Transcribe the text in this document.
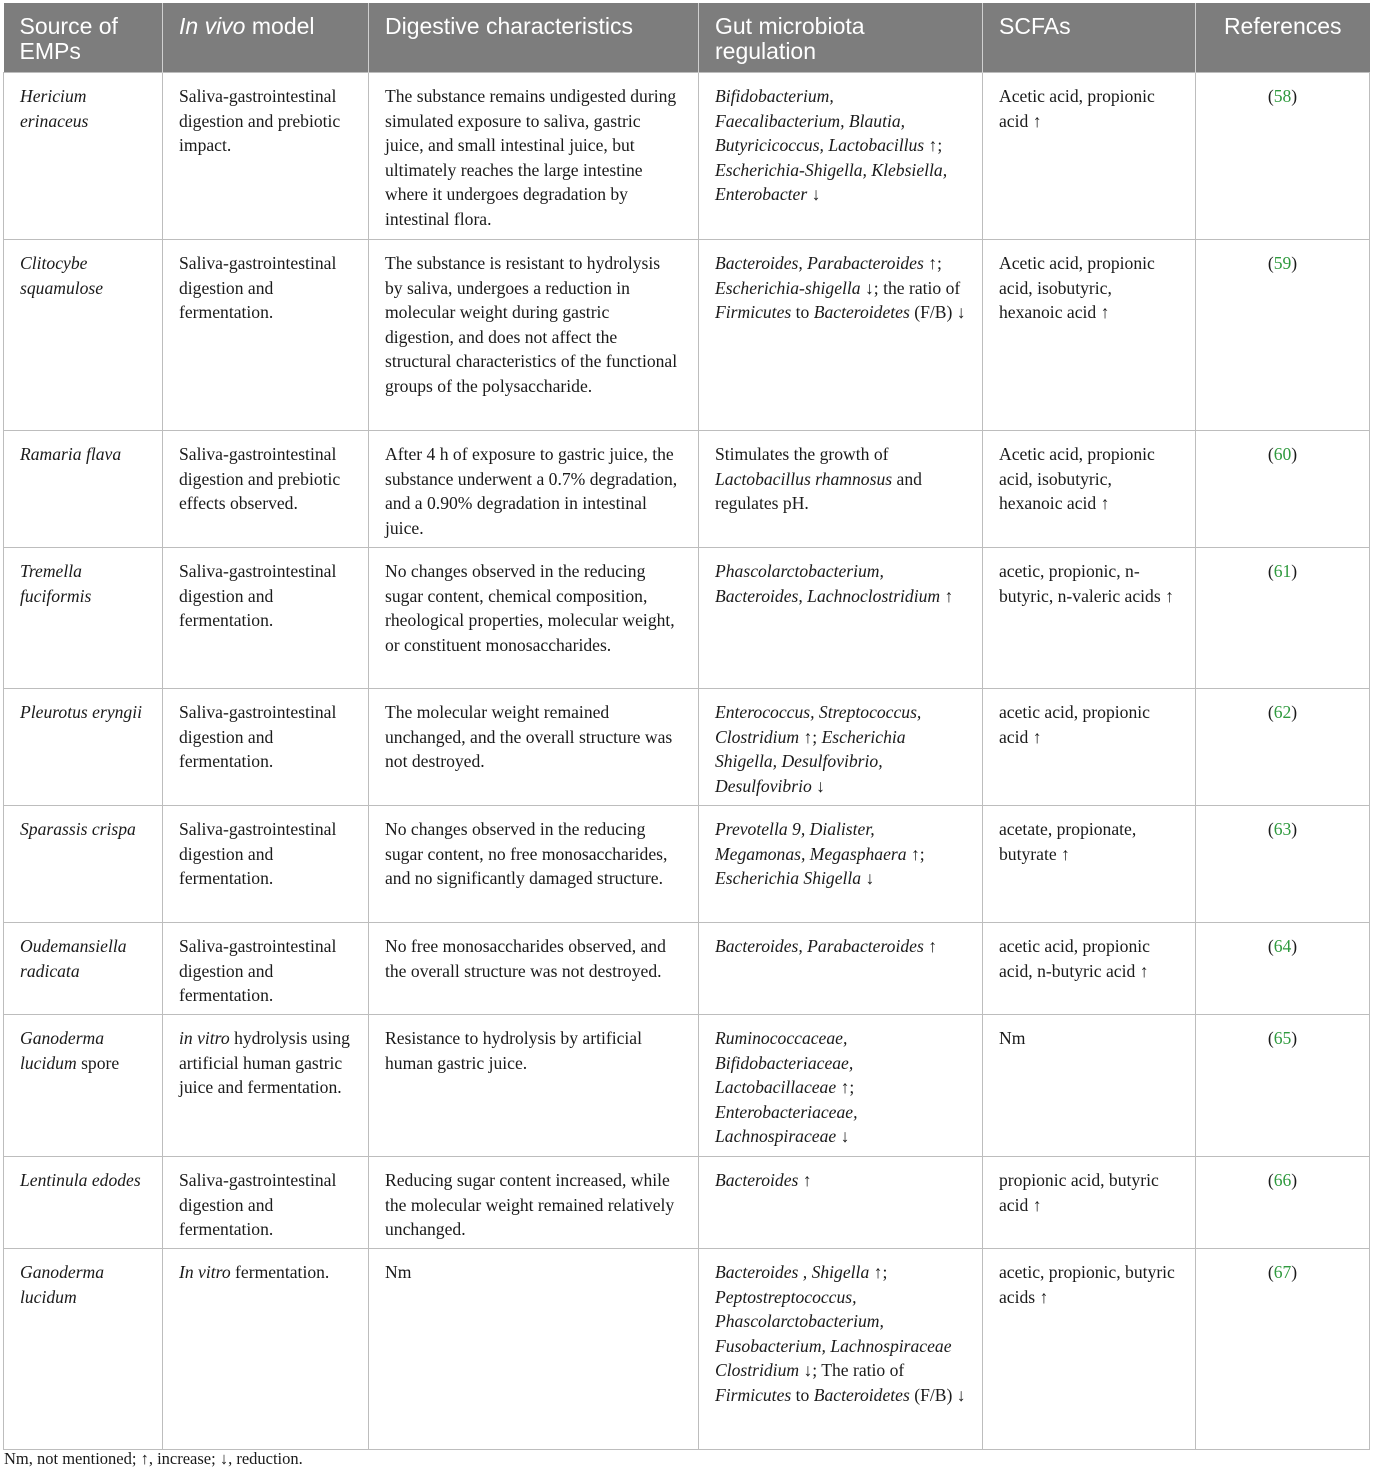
Source of EMPs	In vivo model	Digestive characteristics	Gut microbiota regulation	SCFAs	References
Hericium erinaceus	Saliva-gastrointestinal digestion and prebiotic impact.	The substance remains undigested during simulated exposure to saliva, gastric juice, and small intestinal juice, but ultimately reaches the large intestine where it undergoes degradation by intestinal flora.	Bifidobacterium, Faecalibacterium, Blautia, Butyricicoccus, Lactobacillus ↑; Escherichia-Shigella, Klebsiella, Enterobacter ↓	Acetic acid, propionic acid ↑	(58)
Clitocybe squamulose	Saliva-gastrointestinal digestion and fermentation.	The substance is resistant to hydrolysis by saliva, undergoes a reduction in molecular weight during gastric digestion, and does not affect the structural characteristics of the functional groups of the polysaccharide.	Bacteroides, Parabacteroides ↑; Escherichia-shigella ↓; the ratio of Firmicutes to Bacteroidetes (F/B) ↓	Acetic acid, propionic acid, isobutyric, hexanoic acid ↑	(59)
Ramaria flava	Saliva-gastrointestinal digestion and prebiotic effects observed.	After 4 h of exposure to gastric juice, the substance underwent a 0.7% degradation, and a 0.90% degradation in intestinal juice.	Stimulates the growth of Lactobacillus rhamnosus and regulates pH.	Acetic acid, propionic acid, isobutyric, hexanoic acid ↑	(60)
Tremella fuciformis	Saliva-gastrointestinal digestion and fermentation.	No changes observed in the reducing sugar content, chemical composition, rheological properties, molecular weight, or constituent monosaccharides.	Phascolarctobacterium, Bacteroides, Lachnoclostridium ↑	acetic, propionic, n-butyric, n-valeric acids ↑	(61)
Pleurotus eryngii	Saliva-gastrointestinal digestion and fermentation.	The molecular weight remained unchanged, and the overall structure was not destroyed.	Enterococcus, Streptococcus, Clostridium ↑; Escherichia Shigella, Desulfovibrio, Desulfovibrio ↓	acetic acid, propionic acid ↑	(62)
Sparassis crispa	Saliva-gastrointestinal digestion and fermentation.	No changes observed in the reducing sugar content, no free monosaccharides, and no significantly damaged structure.	Prevotella 9, Dialister, Megamonas, Megasphaera ↑; Escherichia Shigella ↓	acetate, propionate, butyrate ↑	(63)
Oudemansiella radicata	Saliva-gastrointestinal digestion and fermentation.	No free monosaccharides observed, and the overall structure was not destroyed.	Bacteroides, Parabacteroides ↑	acetic acid, propionic acid, n-butyric acid ↑	(64)
Ganoderma lucidum spore	in vitro hydrolysis using artificial human gastric juice and fermentation.	Resistance to hydrolysis by artificial human gastric juice.	Ruminococcaceae, Bifidobacteriaceae, Lactobacillaceae ↑; Enterobacteriaceae, Lachnospiraceae ↓	Nm	(65)
Lentinula edodes	Saliva-gastrointestinal digestion and fermentation.	Reducing sugar content increased, while the molecular weight remained relatively unchanged.	Bacteroides ↑	propionic acid, butyric acid ↑	(66)
Ganoderma lucidum	In vitro fermentation.	Nm	Bacteroides , Shigella ↑; Peptostreptococcus, Phascolarctobacterium, Fusobacterium, Lachnospiraceae Clostridium ↓; The ratio of Firmicutes to Bacteroidetes (F/B) ↓	acetic, propionic, butyric acids ↑	(67)
Nm, not mentioned; ↑, increase; ↓, reduction.
